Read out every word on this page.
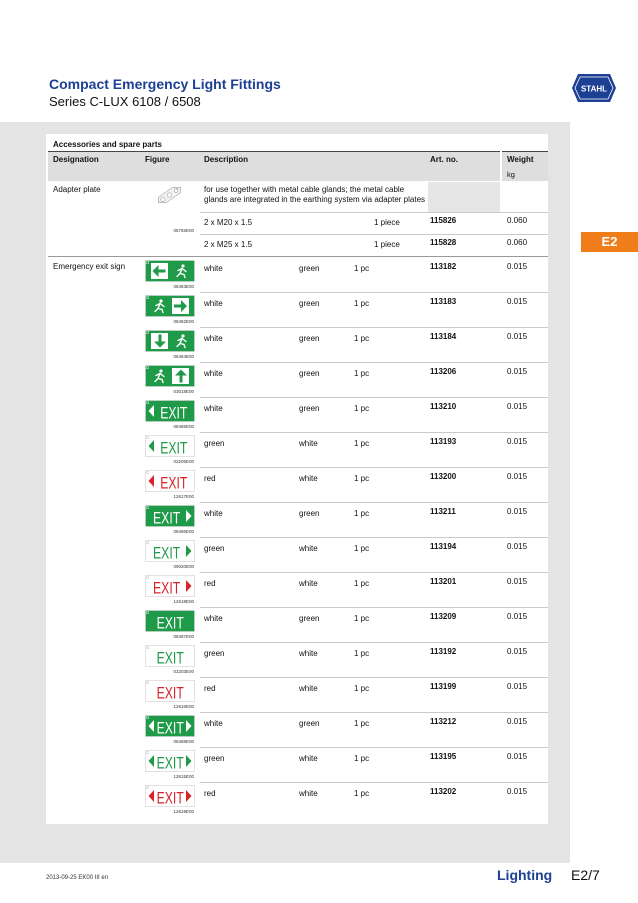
Compact Emergency Light Fittings
Series C-LUX 6108 / 6508
STAHL
E2
Accessories and spare parts
Designation	Figure	Description	Art. no.	Weight
kg
Adapter plate
05755E00
for use together with metal cable glands; the metal cable glands are integrated in the earthing system via adapter plates
2 x M20 x 1.5	1 piece	115826	0.060
2 x M25 x 1.5	1 piece	115828	0.060
Emergency exit sign
08483E00
white	green	1 pc	113182	0.015
08482E00
white	green	1 pc	113183	0.015
08484E00
white	green	1 pc	113184	0.015
03018E00
white	green	1 pc	113206	0.015
EXIT
08485E00
white	green	1 pc	113210	0.015
EXIT
03206E00
green	white	1 pc	113193	0.015
EXIT
12617E00
red	white	1 pc	113200	0.015
EXIT
08486E00
white	green	1 pc	113211	0.015
EXIT
09020E00
green	white	1 pc	113194	0.015
EXIT
12618E00
red	white	1 pc	113201	0.015
EXIT
08487E00
white	green	1 pc	113209	0.015
EXIT
03203E00
green	white	1 pc	113192	0.015
EXIT
12616E00
red	white	1 pc	113199	0.015
EXIT
08488E00
white	green	1 pc	113212	0.015
EXIT
12615E00
green	white	1 pc	113195	0.015
EXIT
12619E00
red	white	1 pc	113202	0.015
2013-09-25 EK00 III en	Lighting E2/7
